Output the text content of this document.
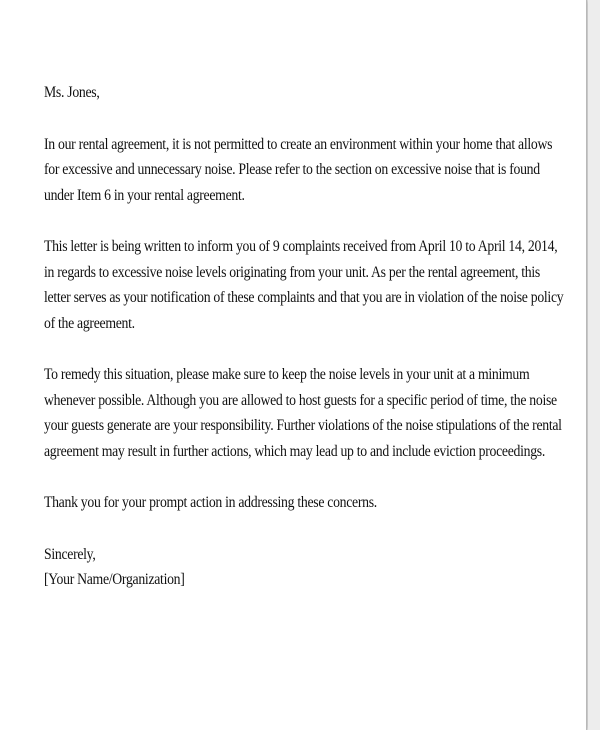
Ms. Jones,

In our rental agreement, it is not permitted to create an environment within your home that allows
for excessive and unnecessary noise. Please refer to the section on excessive noise that is found
under Item 6 in your rental agreement.

This letter is being written to inform you of 9 complaints received from April 10 to April 14, 2014,
in regards to excessive noise levels originating from your unit. As per the rental agreement, this
letter serves as your notification of these complaints and that you are in violation of the noise policy
of the agreement.

To remedy this situation, please make sure to keep the noise levels in your unit at a minimum
whenever possible. Although you are allowed to host guests for a specific period of time, the noise
your guests generate are your responsibility. Further violations of the noise stipulations of the rental
agreement may result in further actions, which may lead up to and include eviction proceedings.

Thank you for your prompt action in addressing these concerns.

Sincerely,
[Your Name/Organization]
